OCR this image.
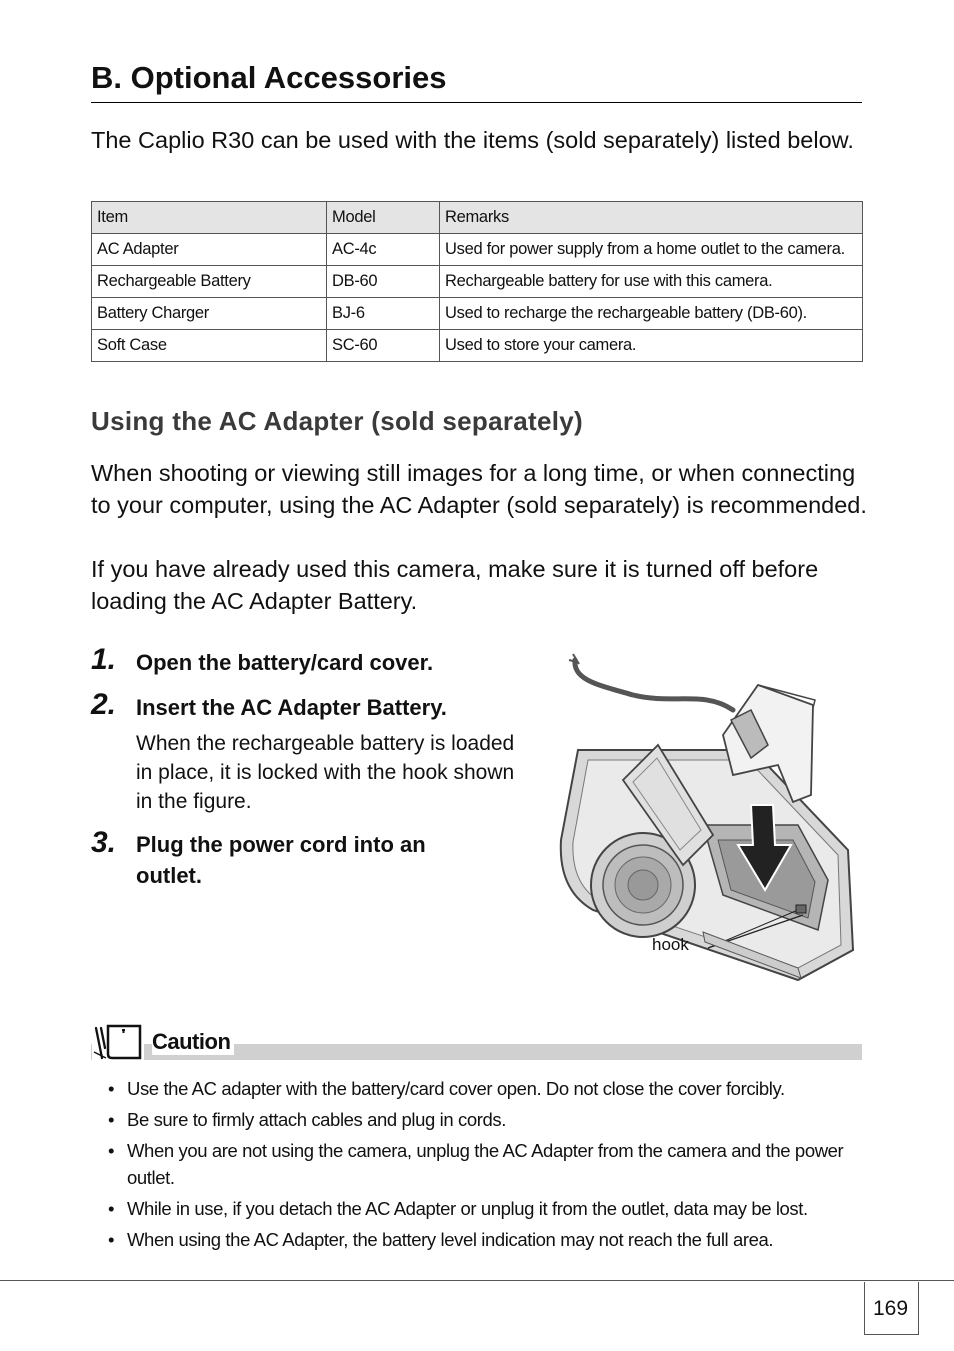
B. Optional Accessories

The Caplio R30 can be used with the items (sold separately) listed below.

Item	Model	Remarks
AC Adapter	AC-4c	Used for power supply from a home outlet to the camera.
Rechargeable Battery	DB-60	Rechargeable battery for use with this camera.
Battery Charger	BJ-6	Used to recharge the rechargeable battery (DB-60).
Soft Case	SC-60	Used to store your camera.
Using the AC Adapter (sold separately)

When shooting or viewing still images for a long time, or when connecting to your computer, using the AC Adapter (sold separately) is recommended.

If you have already used this camera, make sure it is turned off before loading the AC Adapter Battery.

1. Open the battery/card cover.

2. Insert the AC Adapter Battery.

When the rechargeable battery is loaded in place, it is locked with the hook shown in the figure.

3. Plug the power cord into an outlet.

hook
Caution
• Use the AC adapter with the battery/card cover open. Do not close the cover forcibly.
• Be sure to firmly attach cables and plug in cords.
• When you are not using the camera, unplug the AC Adapter from the camera and the power outlet.
• While in use, if you detach the AC Adapter or unplug it from the outlet, data may be lost.
• When using the AC Adapter, the battery level indication may not reach the full area.
169
